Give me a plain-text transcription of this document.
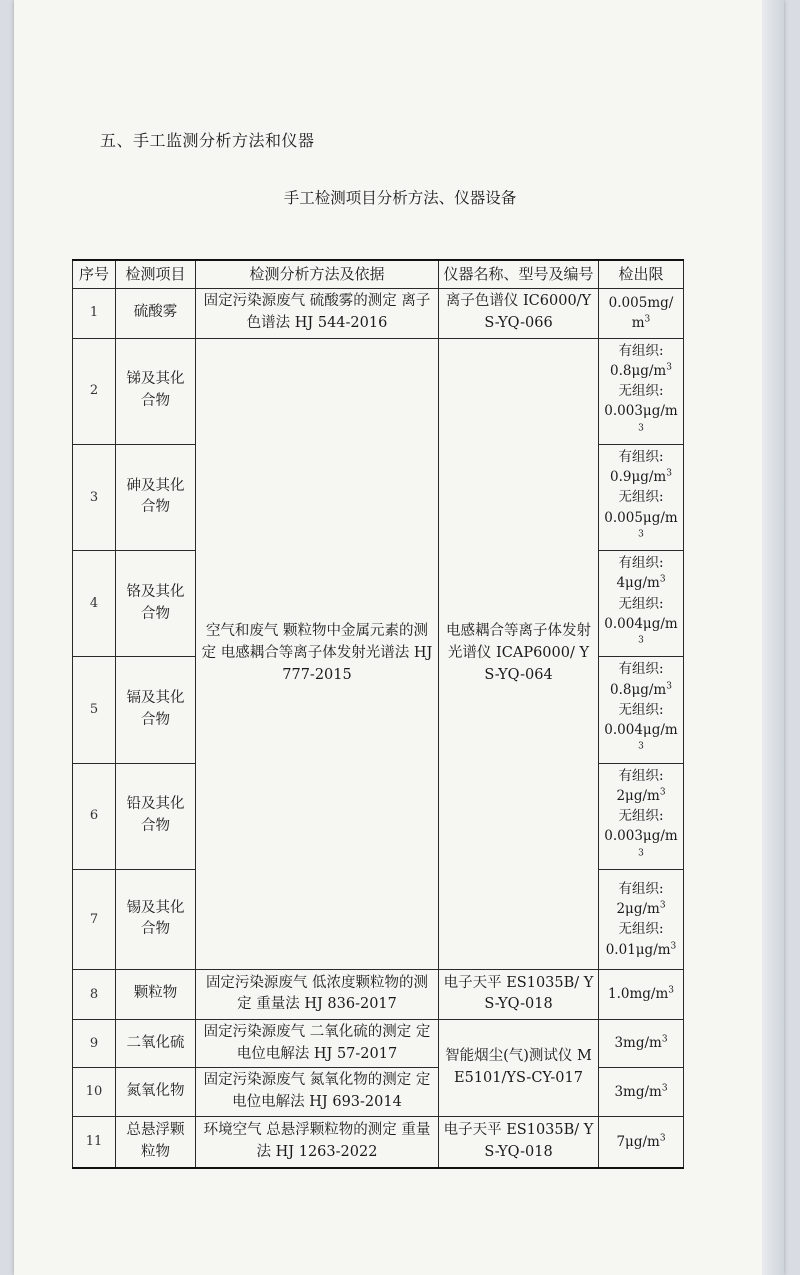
五、手工监测分析方法和仪器
手工检测项目分析方法、仪器设备
序号	检测项目	检测分析方法及依据	仪器名称、型号及编号	检出限
1	硫酸雾	固定污染源废气 硫酸雾的测定 离子色谱法 HJ 544-2016	离子色谱仪 IC6000/YS-YQ-066	$0.005mg/m^3$

2	锑及其化合物	空气和废气 颗粒物中金属元素的测定 电感耦合等离子体发射光谱法 HJ 777-2015	电感耦合等离子体发射光谱仪 ICAP6000/ YS-YQ-064	有组织:
$0.8\mu g/m^3$
无组织:
$0.003\mu g/m^3$

3	砷及其化合物			有组织:
$0.9\mu g/m^3$
无组织:
$0.005\mu g/m^3$

4	铬及其化合物			有组织:
$4\mu g/m^3$
无组织:
$0.004\mu g/m^3$

5	镉及其化合物			有组织:
$0.8\mu g/m^3$
无组织:
$0.004\mu g/m^3$

6	铅及其化合物			有组织:
$2\mu g/m^3$
无组织:
$0.003\mu g/m^3$

7	锡及其化合物			有组织:
$2\mu g/m^3$
无组织:
$0.01\mu g/m^3$

8	颗粒物	固定污染源废气 低浓度颗粒物的测定 重量法 HJ 836-2017	电子天平 ES1035B/ YS-YQ-018	$1.0mg/m^3$

9	二氧化硫	固定污染源废气 二氧化硫的测定 定电位电解法 HJ 57-2017	智能烟尘(气)测试仪 ME5101/YS-CY-017	$3mg/m^3$

10	氮氧化物	固定污染源废气 氮氧化物的测定 定电位电解法 HJ 693-2014		$3mg/m^3$

11	总悬浮颗粒物	环境空气 总悬浮颗粒物的测定 重量法 HJ 1263-2022	电子天平 ES1035B/ YS-YQ-018	$7\mu g/m^3$
